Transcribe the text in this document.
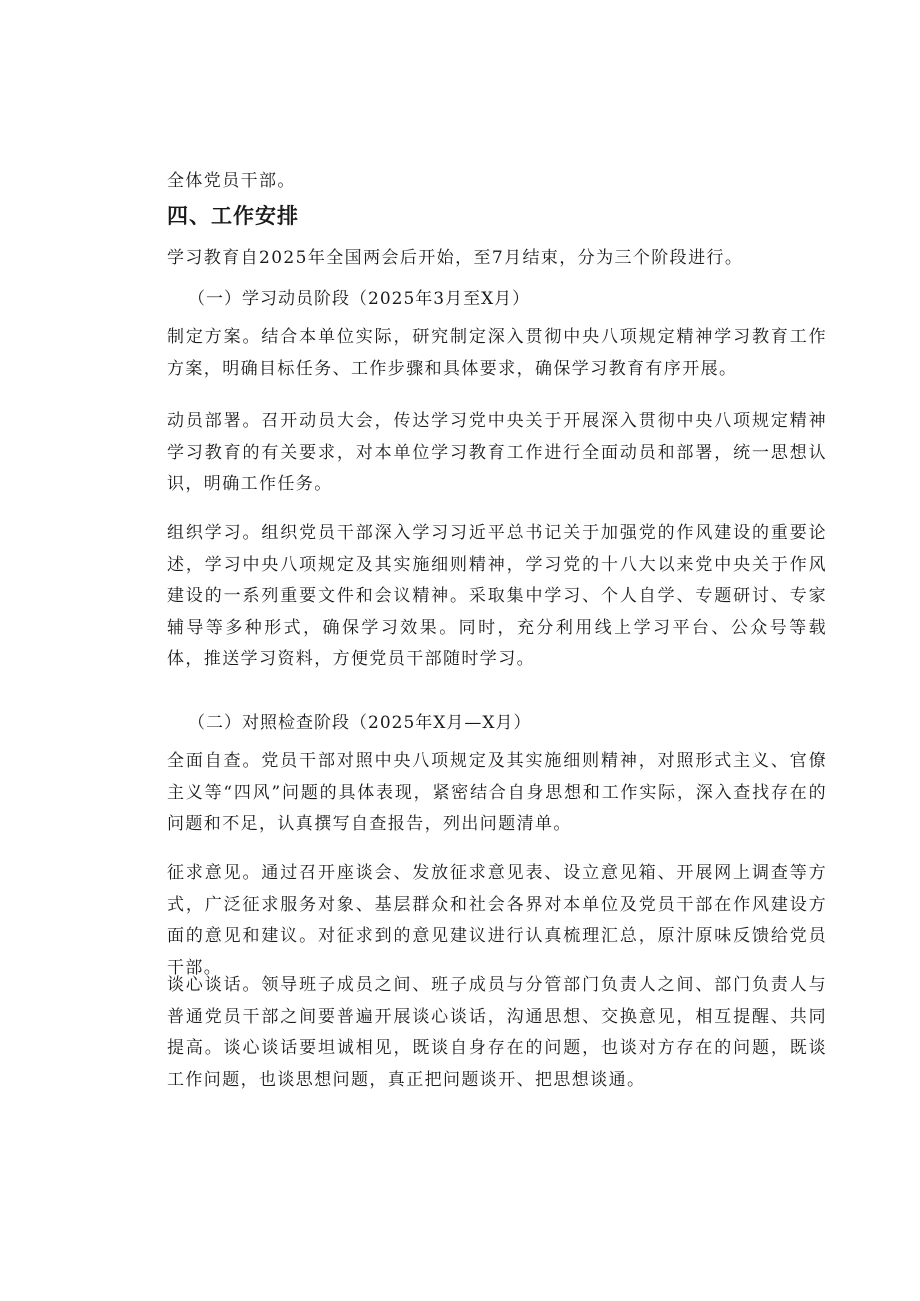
全体党员干部。

四、工作安排

学习教育自2025年全国两会后开始，至7月结束，分为三个阶段进行。

（一）学习动员阶段（2025年3月至X月）

制定方案。结合本单位实际，研究制定深入贯彻中央八项规定精神学习教育工作方案，明确目标任务、工作步骤和具体要求，确保学习教育有序开展。

动员部署。召开动员大会，传达学习党中央关于开展深入贯彻中央八项规定精神学习教育的有关要求，对本单位学习教育工作进行全面动员和部署，统一思想认识，明确工作任务。

组织学习。组织党员干部深入学习习近平总书记关于加强党的作风建设的重要论述，学习中央八项规定及其实施细则精神，学习党的十八大以来党中央关于作风建设的一系列重要文件和会议精神。采取集中学习、个人自学、专题研讨、专家辅导等多种形式，确保学习效果。同时，充分利用线上学习平台、公众号等载体，推送学习资料，方便党员干部随时学习。

（二）对照检查阶段（2025年X月—X月）

全面自查。党员干部对照中央八项规定及其实施细则精神，对照形式主义、官僚主义等“四风”问题的具体表现，紧密结合自身思想和工作实际，深入查找存在的问题和不足，认真撰写自查报告，列出问题清单。

征求意见。通过召开座谈会、发放征求意见表、设立意见箱、开展网上调查等方式，广泛征求服务对象、基层群众和社会各界对本单位及党员干部在作风建设方面的意见和建议。对征求到的意见建议进行认真梳理汇总，原汁原味反馈给党员干部。

谈心谈话。领导班子成员之间、班子成员与分管部门负责人之间、部门负责人与普通党员干部之间要普遍开展谈心谈话，沟通思想、交换意见，相互提醒、共同提高。谈心谈话要坦诚相见，既谈自身存在的问题，也谈对方存在的问题，既谈工作问题，也谈思想问题，真正把问题谈开、把思想谈通。
